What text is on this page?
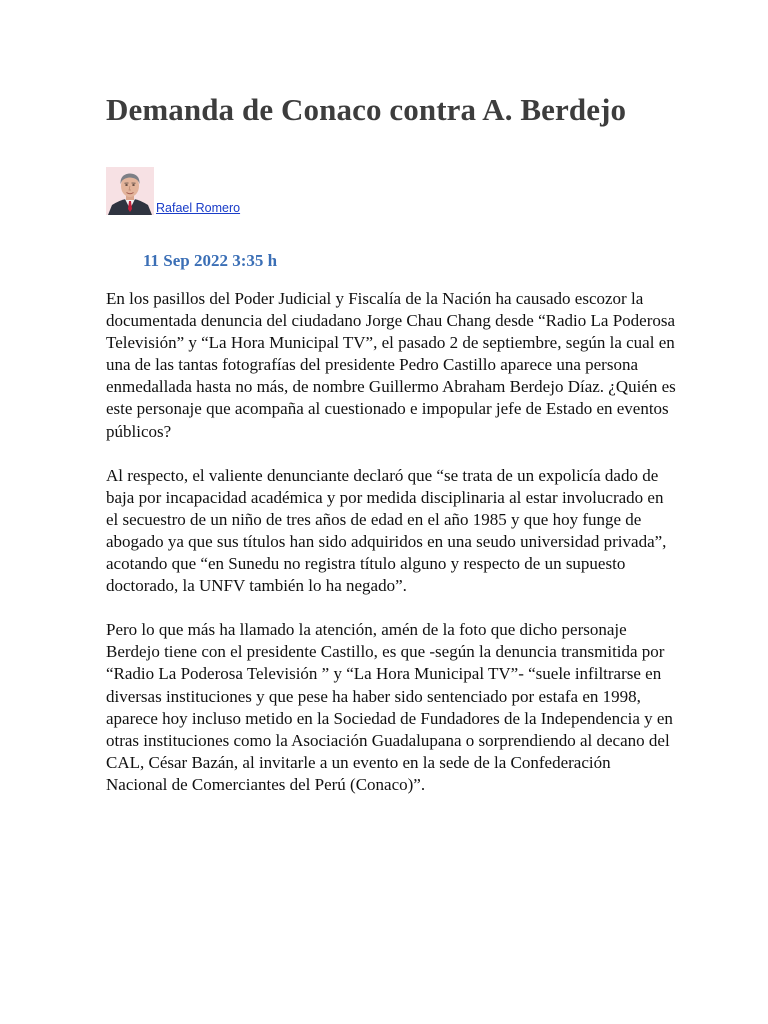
Demanda de Conaco contra A. Berdejo
Rafael Romero
11 Sep 2022 3:35 h

En los pasillos del Poder Judicial y Fiscalía de la Nación ha causado escozor la documentada denuncia del ciudadano Jorge Chau Chang desde “Radio La Poderosa Televisión” y “La Hora Municipal TV”, el pasado 2 de septiembre, según la cual en una de las tantas fotografías del presidente Pedro Castillo aparece una persona enmedallada hasta no más, de nombre Guillermo Abraham Berdejo Díaz. ¿Quién es este personaje que acompaña al cuestionado e impopular jefe de Estado en eventos públicos?

Al respecto, el valiente denunciante declaró que “se trata de un expolicía dado de baja por incapacidad académica y por medida disciplinaria al estar involucrado en el secuestro de un niño de tres años de edad en el año 1985 y que hoy funge de abogado ya que sus títulos han sido adquiridos en una seudo universidad privada”, acotando que “en Sunedu no registra título alguno y respecto de un supuesto doctorado, la UNFV también lo ha negado”.

Pero lo que más ha llamado la atención, amén de la foto que dicho personaje Berdejo tiene con el presidente Castillo, es que -según la denuncia transmitida por “Radio La Poderosa Televisión ” y “La Hora Municipal TV”- “suele infiltrarse en diversas instituciones y que pese ha haber sido sentenciado por estafa en 1998, aparece hoy incluso metido en la Sociedad de Fundadores de la Independencia y en otras instituciones como la Asociación Guadalupana o sorprendiendo al decano del CAL, César Bazán, al invitarle a un evento en la sede de la Confederación Nacional de Comerciantes del Perú (Conaco)”.
